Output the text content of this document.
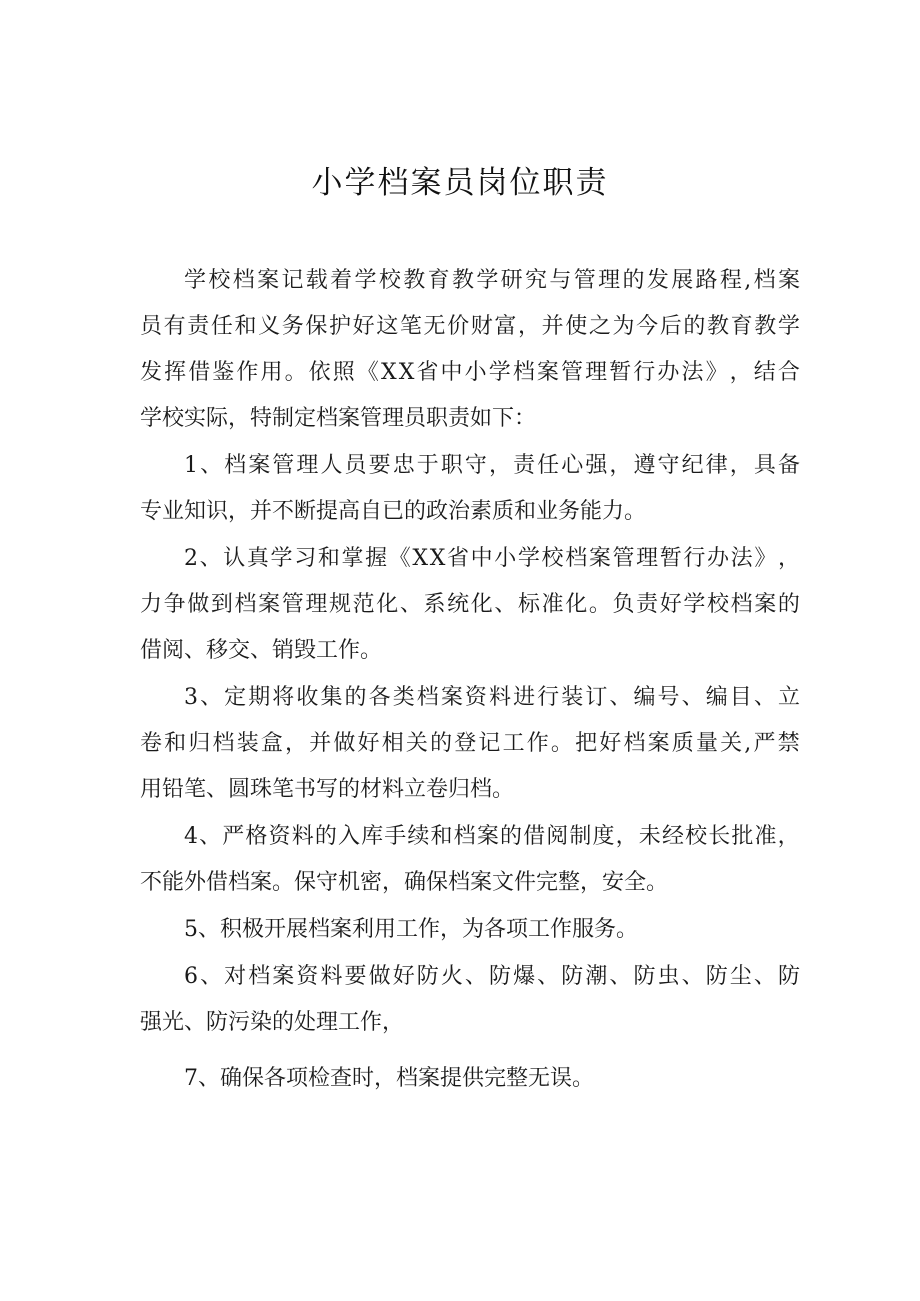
小学档案员岗位职责
学 校 档 案 记 载 着 学 校 教 育 教 学 研 究 与 管 理 的 发 展 路 程 , 档 案
员 有 责 任 和 义 务 保 护 好 这 笔 无 价 财 富 ， 并 使 之 为 今 后 的 教 育 教 学
发 挥 借 鉴 作 用 。 依 照 《 X X 省 中 小 学 档 案 管 理 暂 行 办 法 》 ， 结 合
学校实际，特制定档案管理员职责如下：
1 、 档 案 管 理 人 员 要 忠 于 职 守 ， 责 任 心 强 ， 遵 守 纪 律 ， 具 备
专业知识，并不断提高自已的政治素质和业务能力。
2 、 认 真 学 习 和 掌 握 《 X X 省 中 小 学 校 档 案 管 理 暂 行 办 法 》 ，
力 争 做 到 档 案 管 理 规 范 化 、 系 统 化 、 标 准 化 。 负 责 好 学 校 档 案 的
借阅、移交、销毁工作。
3 、 定 期 将 收 集 的 各 类 档 案 资 料 进 行 装 订 、 编 号 、 编 目 、 立
卷 和 归 档 装 盒 ， 并 做 好 相 关 的 登 记 工 作 。 把 好 档 案 质 量 关 , 严 禁
用铅笔、圆珠笔书写的材料立卷归档。
4 、 严 格 资 料 的 入 库 手 续 和 档 案 的 借 阅 制 度 ， 未 经 校 长 批 准 ，
不能外借档案。保守机密，确保档案文件完整，安全。
5、积极开展档案利用工作，为各项工作服务。
6 、 对 档 案 资 料 要 做 好 防 火 、 防 爆 、 防 潮 、 防 虫 、 防 尘 、 防
强光、防污染的处理工作，
7、确保各项检查时，档案提供完整无误。
